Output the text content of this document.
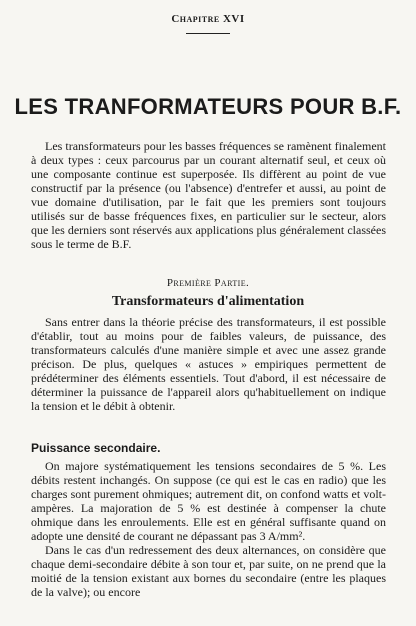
Chapitre XVI
LES TRANFORMATEURS POUR B.F.

Les transformateurs pour les basses fréquences se ramènent finalement à deux types : ceux parcourus par un courant alternatif seul, et ceux où une composante continue est superposée. Ils diffèrent au point de vue constructif par la présence (ou l'absence) d'entrefer et aussi, au point de vue domaine d'utilisation, par le fait que les premiers sont toujours utilisés sur de basse fréquences fixes, en particulier sur le secteur, alors que les derniers sont réservés aux applications plus généralement classées sous le terme de B.F.

Première Partie.
Transformateurs d'alimentation

Sans entrer dans la théorie précise des transformateurs, il est possible d'établir, tout au moins pour de faibles valeurs, de puissance, des transformateurs calculés d'une manière simple et avec une assez grande précison. De plus, quelques « astuces » empiriques permettent de prédéterminer des éléments essentiels. Tout d'abord, il est nécessaire de déterminer la puissance de l'appareil alors qu'habituellement on indique la tension et le débit à obtenir.

Puissance secondaire.

On majore systématiquement les tensions secondaires de 5 %. Les débits restent inchangés. On suppose (ce qui est le cas en radio) que les charges sont purement ohmiques; autrement dit, on confond watts et volt-ampères. La majoration de 5 % est destinée à compenser la chute ohmique dans les enroulements. Elle est en général suffisante quand on adopte une densité de courant ne dépassant pas 3 A/mm².

Dans le cas d'un redressement des deux alternances, on considère que chaque demi-secondaire débite à son tour et, par suite, on ne prend que la moitié de la tension existant aux bornes du secondaire (entre les plaques de la valve); ou encore
